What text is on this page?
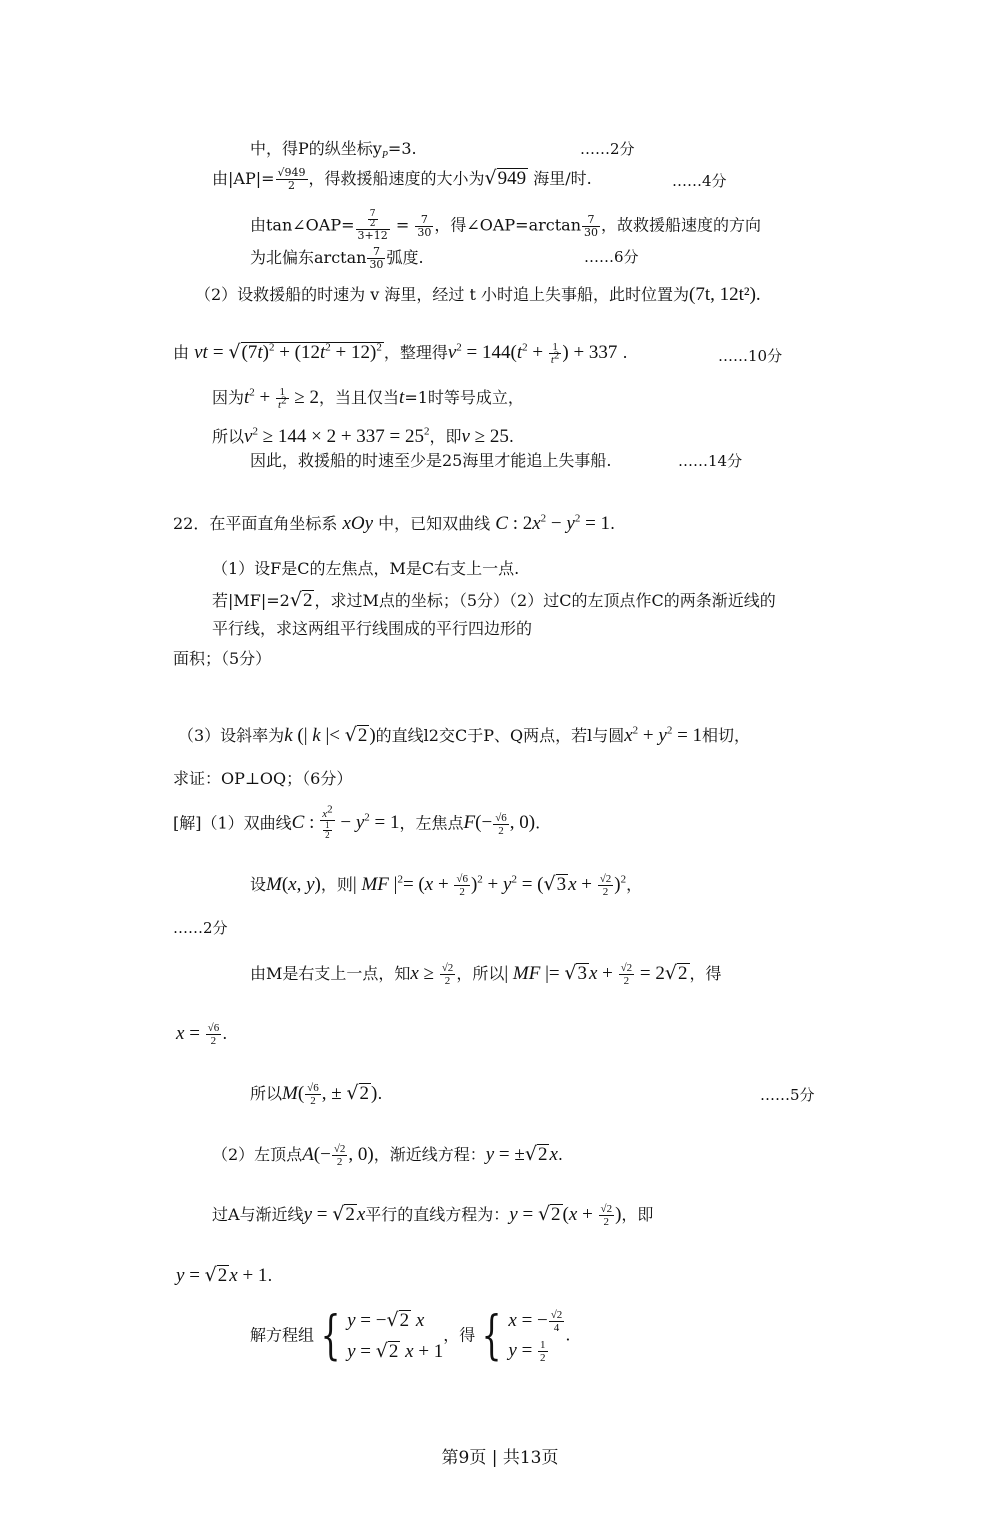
中，得P的纵坐标$y_P=3$.	……2分
由$|AP|= \frac{√949}{2}$ ，得救援船速度的大小为√949 海里/时.	……4分
由tan∠OAP= $\frac{\frac{7}{2}}{3+12} = \frac{7}{30}$ ，得∠OAP=arctan $\frac{7}{30}$ ，故救援船速度的方向
为北偏东$\arctan \frac{7}{30}$ 弧度.	……6分
（2）设救援船的时速为 v 海里，经过 t 小时追上失事船，此时位置为(7t, 12t²).
由 vt = $√(7t)^2 + (12t^2 + 12)^2$ ，整理得$v^2 = 144(t^2 + \frac{1}{t^2}$ ) + 337 .	……10分
因为$t^2 + \frac{1}{t^2} \ge 2$，当且仅当t=1时等号成立，
所以$v^2 \ge 144 \times 2 + 337 = 25^2$，即v ≥ 25.
因此，救援船的时速至少是25海里才能追上失事船.	……14分
22．在平面直角坐标系 xOy 中，已知双曲线 C : $2x^2 - y^2 = 1$.
（1）设F是C的左焦点，M是C右支上一点.
若|MF|=2√2 ，求过M点的坐标；（5分）（2）过C的左顶点作C的两条渐近线的
平行线，求这两组平行线围成的平行四边形的
面积；（5分）
（3）设斜率为k (| k |< √2 )的直线l2交C于P、Q两点，若l与圆$x^2 + y^2 = 1$相切，
求证：OP⊥OQ；（6分）
[解]（1）双曲线C : $\frac{x^2}{\frac{1}{2}} - y^2 = 1$，左焦点$F(- \frac{√6}{2}$ , 0).
设M(x, y)，则| MF $|^2= (x + \frac{√6}{2} )^2 + y^2 = (√3$ $x + \frac{√2}{2} )^2$，
……2分
由M是右支上一点，知$x \ge \frac{√2}{2}$ ，所以| MF |= √3 $x + \frac{√2}{2} = 2√2$ ，得
$x = \frac{√6}{2}$ .
所以$M( \frac{√6}{2}$ , ± √2 ).	……5分
（2）左顶点$A(- \frac{√2}{2}$ , 0)，渐近线方程：y = ±√2 x.
过A与渐近线y = √2 x平行的直线方程为：y = √2 ($x + \frac{√2}{2}$ )，即
y = √2 x + 1.
解方程组 { y = −√2 x
y = √2 x + 1，得 { x = − $\frac{√2}{4}$

$y = \frac{1}{2}$
.
第9页 | 共13页
